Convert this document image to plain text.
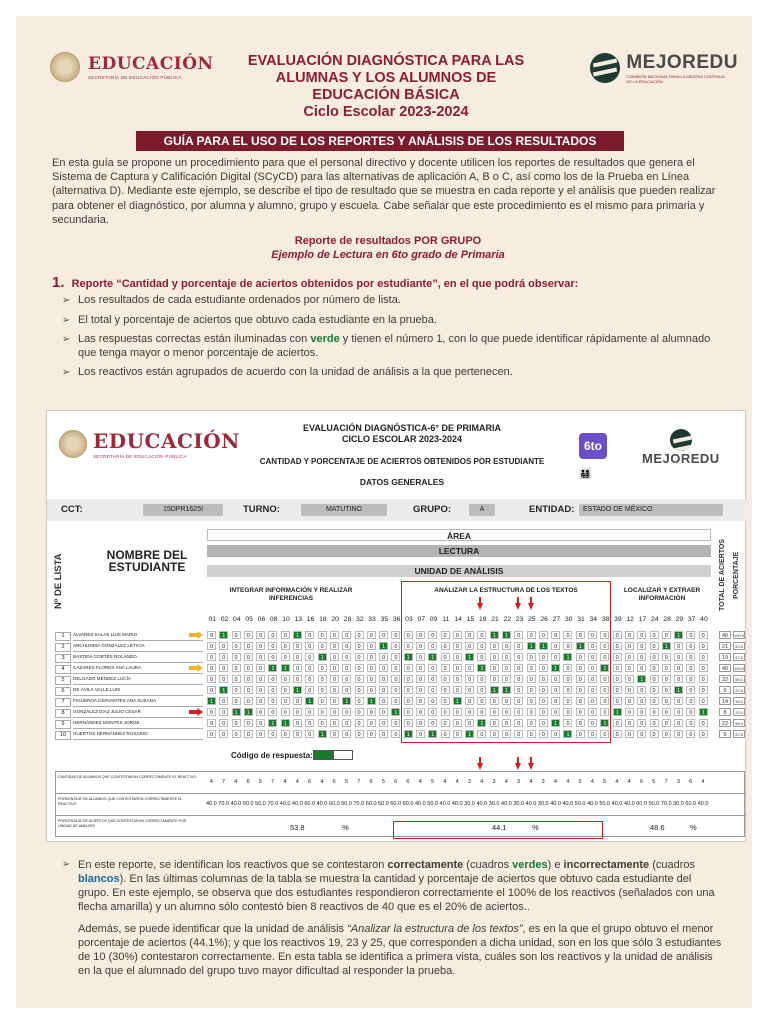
EDUCACIÓN
SECRETARÍA DE EDUCACIÓN PÚBLICA
EVALUACIÓN DIAGNÓSTICA PARA LAS
ALUMNAS Y LOS ALUMNOS DE
EDUCACIÓN BÁSICA
Ciclo Escolar 2023-2024
MEJOREDU
COMISIÓN NACIONAL PARA LA MEJORA CONTINUA DE LA EDUCACIÓN
GUÍA PARA EL USO DE LOS REPORTES Y ANÁLISIS DE LOS RESULTADOS
En esta guía se propone un procedimiento para que el personal directivo y docente utilicen los reportes de resultados que genera el Sistema de Captura y Calificación Digital (SCyCD) para las alternativas de aplicación A, B o C, así como los de la Prueba en Línea (alternativa D). Mediante este ejemplo, se describe el tipo de resultado que se muestra en cada reporte y el análisis que pueden realizar para obtener el diagnóstico, por alumna y alumno, grupo y escuela. Cabe señalar que este procedimiento es el mismo para primaria y secundaria.
Reporte de resultados POR GRUPO
Ejemplo de Lectura en 6to grado de Primaria
1. Reporte “Cantidad y porcentaje de aciertos obtenidos por estudiante”, en el que podrá observar:
➢ Los resultados de cada estudiante ordenados por número de lista.
➢ El total y porcentaje de aciertos que obtuvo cada estudiante en la prueba.
➢ Las respuestas correctas están iluminadas con verde y tienen el número 1, con lo que puede identificar rápidamente al alumnado que tenga mayor o menor porcentaje de aciertos.
➢ Los reactivos están agrupados de acuerdo con la unidad de análisis a la que pertenecen.
EDUCACIÓN
SECRETARÍA DE EDUCACIÓN PÚBLICA
EVALUACIÓN DIAGNÓSTICA-6° DE PRIMARIA
CICLO ESCOLAR 2023-2024
CANTIDAD Y PORCENTAJE DE ACIERTOS OBTENIDOS POR ESTUDIANTE
DATOS GENERALES
6to
👨‍👩‍👧‍👦
MEJOREDU
CCT:	15DPR1625I	TURNO:	MATUTINO	GRUPO:	A	ENTIDAD:	ESTADO DE MÉXICO
Nº DE LISTA	NOMBRE DEL ESTUDIANTE
ÁREA
LECTURA
UNIDAD DE ANÁLISIS
INTEGRAR INFORMACIÓN Y REALIZAR INFERENCIAS
ANALIZAR LA ESTRUCTURA DE LOS TEXTOS	LOCALIZAR Y EXTRAER INFORMACIÓN	TOTAL DE ACIERTOS	PORCENTAJE
01 02 04 05 06 08 10 13 16 18 20 28 32 33 35 36 03 07 09 11 14 15 19 21 22 23 25 26 27 30 31 34 38 39 12 17 24 28 29 37 40
1	ÁLVAREZ SALAS LUIS MARIO	0	1	0	0	0	0	0	1	0	0	0	0	0	0	0	0	0	0	0	0	0	0	0	1	1	0	0	0	0	0	0	0	0	0	0	0	0	0	1	0	0	40	100.0
2	ARCHUNDIA GONZÁLEZ LETICIA	0	0	0	0	0	0	0	0	0	0	0	0	0	0	1	0	0	0	0	0	0	0	0	0	0	0	1	1	0	0	1	0	0	0	0	0	0	1	0	0	0	21	52.5
3	BASTIDA CORTÉS ROLANDO	0	0	0	0	0	0	0	0	0	1	0	0	0	0	0	0	1	0	1	0	0	1	0	0	0	0	0	0	0	1	0	0	0	0	0	0	0	0	0	0	0	19	47.5
4	CAZARES FLORES ANA LAURA	0	0	0	0	0	1	1	0	0	0	0	0	0	0	0	0	0	0	0	0	0	0	1	0	0	0	0	0	1	0	0	0	1	0	0	0	0	0	0	0	0	40	100.0
5	DELGADO MÉNDEZ LUCÍA	0	0	0	0	0	0	0	0	0	0	0	0	0	0	0	0	0	0	0	0	0	0	0	0	0	0	0	0	0	0	0	0	0	0	0	1	0	0	0	0	0	22	55.0
6	DE ÁVILA VALLE LUIS	0	1	0	0	0	0	0	1	0	0	0	0	0	0	0	0	0	0	0	0	0	0	0	1	1	0	0	0	0	0	0	0	0	0	0	0	0	0	1	0	0	9	22.5
7	FIGUEROA CERVANTES ANA SUSANA	1	0	0	0	0	0	0	0	1	0	0	1	0	1	0	0	0	0	0	0	1	0	0	0	0	0	0	0	0	0	0	0	0	0	0	0	0	0	0	0	0	14	35.0
8	GONZÁLEZ DÍAZ JULIO CÉSAR	0	0	1	1	0	0	0	0	0	0	0	0	0	0	0	1	0	0	0	0	0	0	0	0	0	0	0	0	0	0	0	0	0	1	0	0	0	0	0	0	1	8	20.0
9	HERNÁNDEZ MONTES JORGE	0	0	0	0	0	1	1	0	0	0	0	0	0	0	0	0	0	0	0	0	0	0	1	0	0	0	0	0	1	0	0	0	1	0	0	0	0	0	0	0	0	22	55.0
10	HUERTOS HERNÁNDEZ ROSARIO	0	0	0	0	0	0	0	0	0	1	0	0	0	0	0	0	1	0	1	0	0	1	0	0	0	0	0	0	0	1	0	0	0	0	0	0	0	0	0	0	0	9	22.5
Código de respuesta:
CANTIDAD DE ALUMNOS QUE CONTESTARON CORRECTAMENTE EL REACTIVO
4	7	4	6	5	7	4	4	6	4	6	5	7	6	5	6	6	4	5	4	4	3	4	3	4	3	4	3	4	4	5	4	5	4	4	6	5	7	3	6	4
PORCENTAJE DE ALUMNOS QUE CONTESTARON CORRECTAMENTE EL REACTIVO	40.0 70.0 40.0 60.0 50.0 70.0 40.0 40.0 60.0 40.0 60.0 50.0 70.0 60.0 50.0 60.0 60.0 40.0 50.0 40.0 40.0 30.0 40.0 30.0 40.0 30.0 40.0 30.0 40.0 40.0 50.0 40.0 50.0 40.0 40.0 60.0 50.0 70.0 30.0 60.0 40.0
PORCENTAJE DE ACIERTOS QUE CONTESTARON CORRECTAMENTE POR UNIDAD DE ANÁLISIS	53.8	%	44.1	%	48.6	%
➢ En este reporte, se identifican los reactivos que se contestaron correctamente (cuadros verdes) e incorrectamente (cuadros blancos). En las últimas columnas de la tabla se muestra la cantidad y porcentaje de aciertos que obtuvo cada estudiante del grupo. En este ejemplo, se observa que dos estudiantes respondieron correctamente el 100% de los reactivos (señalados con una flecha amarilla) y un alumno sólo contestó bien 8 reactivos de 40 que es el 20% de aciertos..

Además, se puede identificar que la unidad de análisis “Analizar la estructura de los textos”, es en la que el grupo obtuvo el menor porcentaje de aciertos (44.1%); y que los reactivos 19, 23 y 25, que corresponden a dicha unidad, son en los que sólo 3 estudiantes de 10 (30%) contestaron correctamente. En esta tabla se identifica a primera vista, cuáles son los reactivos y la unidad de análisis en la que el alumnado del grupo tuvo mayor dificultad al responder la prueba.
